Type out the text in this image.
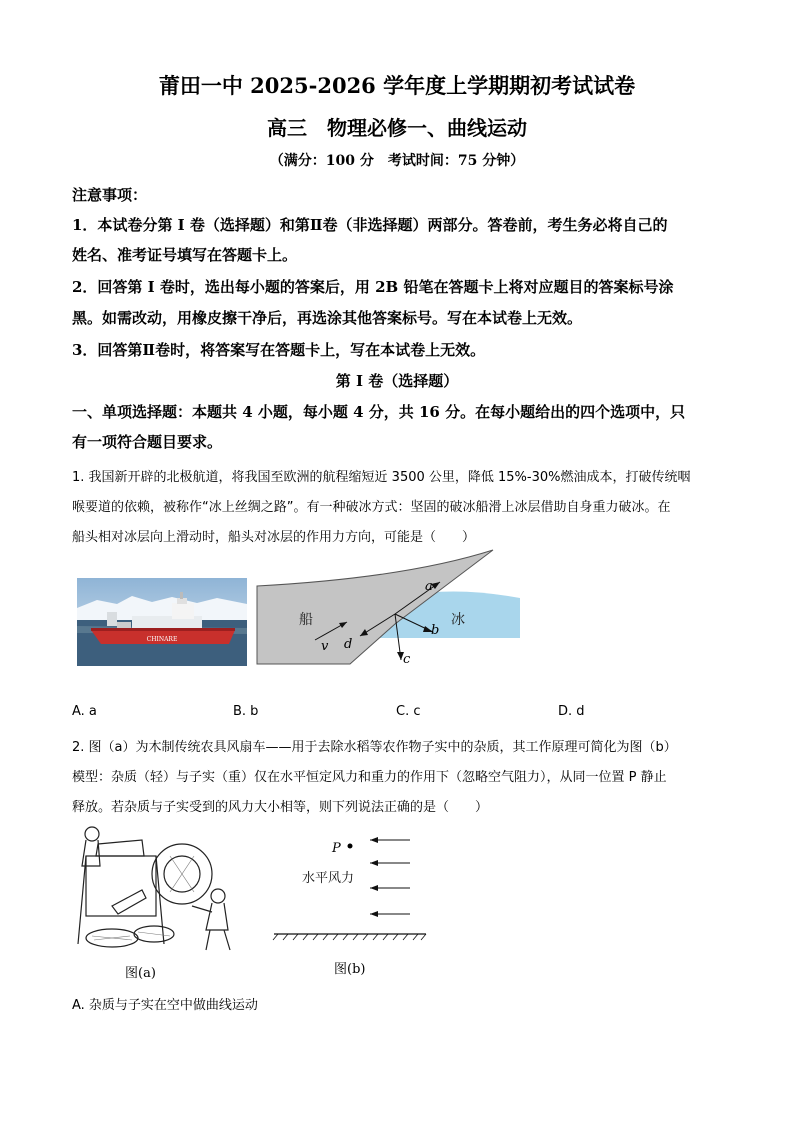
莆田一中 2025-2026 学年度上学期期初考试试卷
高三　物理必修一、曲线运动
（满分：100 分　考试时间：75 分钟）
注意事项：
1．本试卷分第 I 卷（选择题）和第Ⅱ卷（非选择题）两部分。答卷前，考生务必将自己的
姓名、准考证号填写在答题卡上。
2．回答第 I 卷时，选出每小题的答案后，用 2B 铅笔在答题卡上将对应题目的答案标号涂
黑。如需改动，用橡皮擦干净后，再选涂其他答案标号。写在本试卷上无效。
3．回答第Ⅱ卷时，将答案写在答题卡上，写在本试卷上无效。
第 I 卷（选择题）
一、单项选择题：本题共 4 小题，每小题 4 分，共 16 分。在每小题给出的四个选项中，只
有一项符合题目要求。
1. 我国新开辟的北极航道，将我国至欧洲的航程缩短近 3500 公里，降低 15%-30%燃油成本，打破传统咽
喉要道的依赖，被称作“冰上丝绸之路”。有一种破冰方式：坚固的破冰船滑上冰层借助自身重力破冰。在
船头相对冰层向上滑动时，船头对冰层的作用力方向，可能是（　　）
CHINARE
船	冰
a
b
c
d
v
A. a	B. b	C. c	D. d
2. 图（a）为木制传统农具风扇车——用于去除水稻等农作物子实中的杂质，其工作原理可简化为图（b）
模型：杂质（轻）与子实（重）仅在水平恒定风力和重力的作用下（忽略空气阻力），从同一位置 P 静止
释放。若杂质与子实受到的风力大小相等，则下列说法正确的是（　　）
图(a)
P
水平风力
图(b)
A. 杂质与子实在空中做曲线运动
